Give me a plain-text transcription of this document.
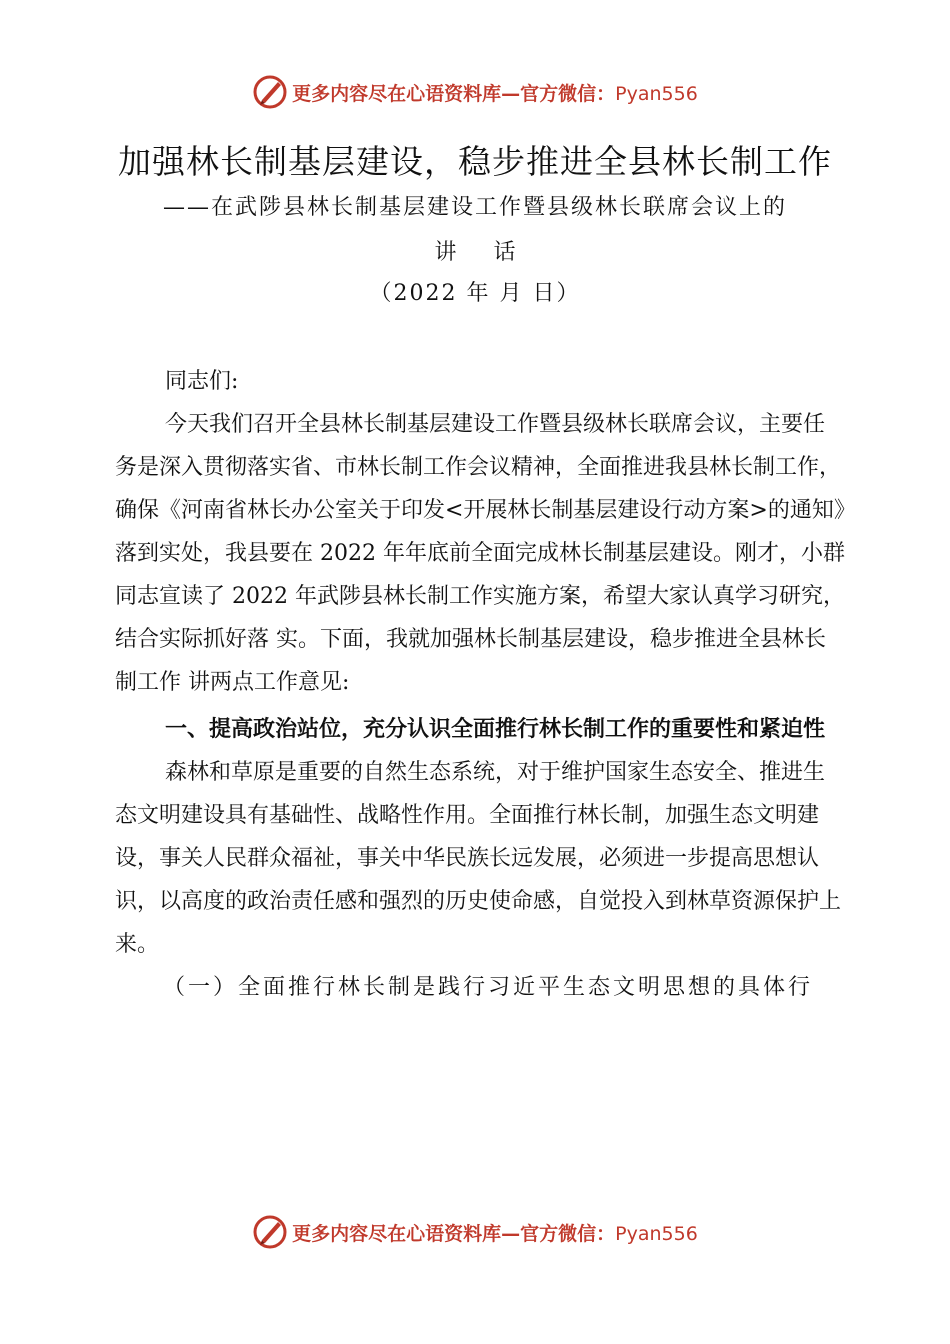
更多内容尽在心语资料库—官方微信：Pyan556
加强林长制基层建设，稳步推进全县林长制工作
——在武陟县林长制基层建设工作暨县级林长联席会议上的
讲 话
（2022 年 月 日）

同志们:

今天我们召开全县林长制基层建设工作暨县级林长联席会议，主要任务是深入贯彻落实省、市林长制工作会议精神，全面推进我县林长制工作，确保《河南省林长办公室关于印发<开展林长制基层建设行动方案>的通知》落到实处，我县要在 2022 年年底前全面完成林长制基层建设。刚才，小群同志宣读了 2022 年武陟县林长制工作实施方案，希望大家认真学习研究，结合实际抓好落 实。下面，我就加强林长制基层建设，稳步推进全县林长制工作 讲两点工作意见:

一、提高政治站位，充分认识全面推行林长制工作的重要性和紧迫性

森林和草原是重要的自然生态系统，对于维护国家生态安全、推进生态文明建设具有基础性、战略性作用。全面推行林长制，加强生态文明建设，事关人民群众福祉，事关中华民族长远发展，必须进一步提高思想认识，以高度的政治责任感和强烈的历史使命感，自觉投入到林草资源保护上来。

（一）全面推行林长制是践行习近平生态文明思想的具体行

更多内容尽在心语资料库—官方微信：Pyan556
